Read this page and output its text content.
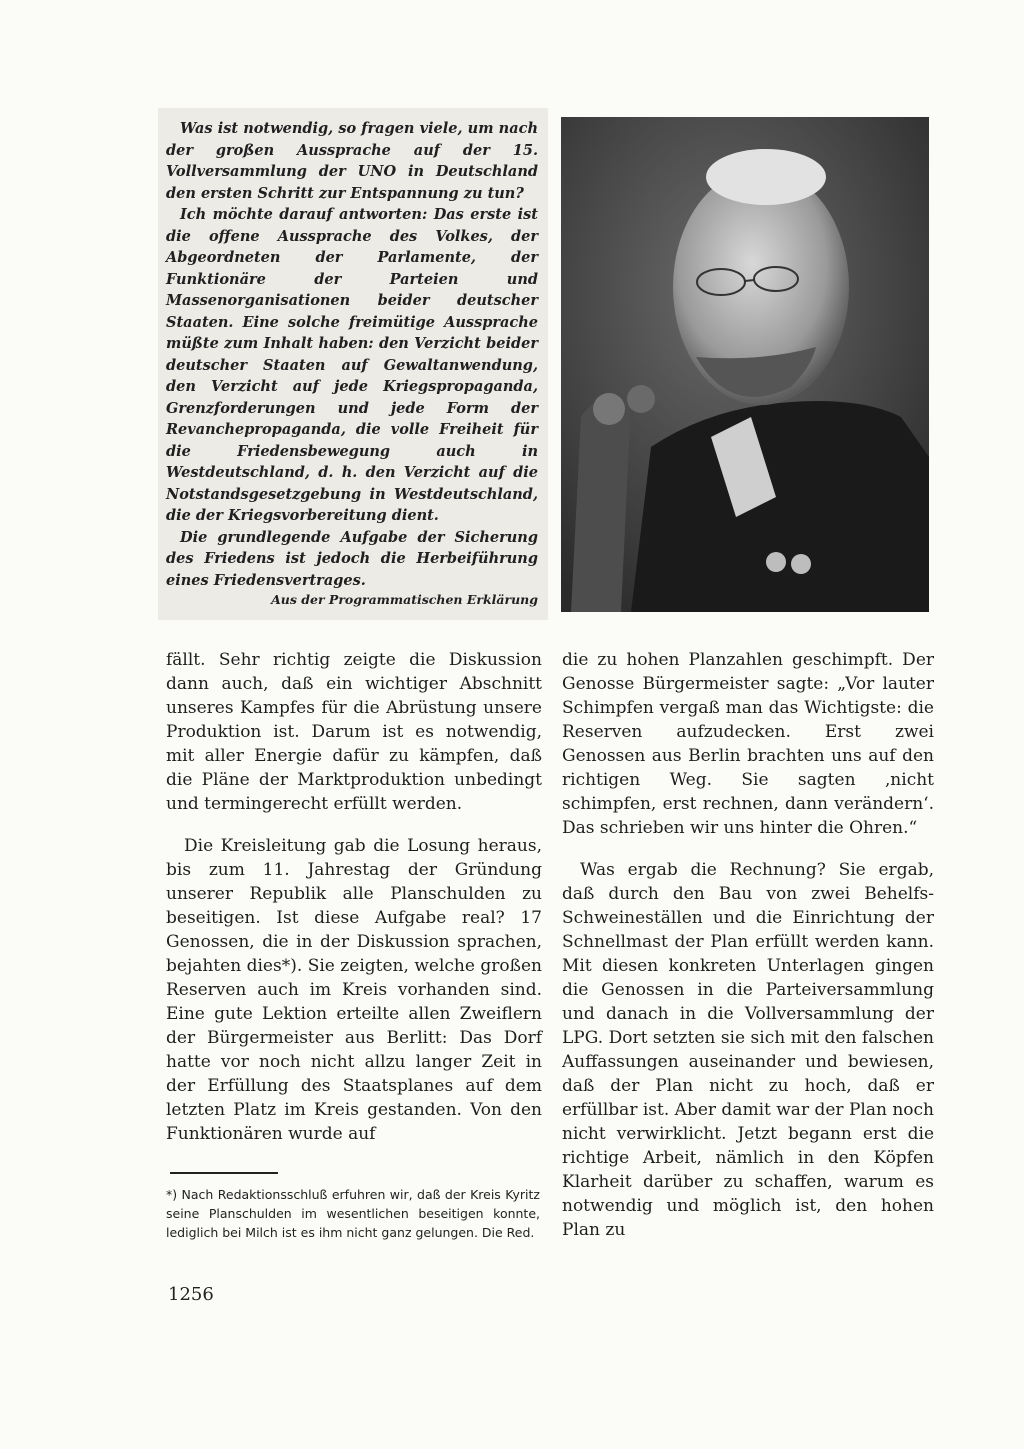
Was ist notwendig, so fragen viele, um nach der großen Aussprache auf der 15. Vollversammlung der UNO in Deutschland den ersten Schritt zur Entspannung zu tun?

Ich möchte darauf antworten: Das erste ist die offene Aussprache des Volkes, der Abgeordneten der Parlamente, der Funktionäre der Parteien und Massenorganisationen beider deutscher Staaten. Eine solche freimütige Aussprache müßte zum Inhalt haben: den Verzicht beider deutscher Staaten auf Gewaltanwendung, den Verzicht auf jede Kriegspropaganda, Grenzforderungen und jede Form der Revanchepropaganda, die volle Freiheit für die Friedensbewegung auch in Westdeutschland, d. h. den Verzicht auf die Notstandsgesetzgebung in Westdeutschland, die der Kriegsvorbereitung dient.

Die grundlegende Aufgabe der Sicherung des Friedens ist jedoch die Herbeiführung eines Friedensvertrages.

Aus der Programmatischen Erklärung

fällt. Sehr richtig zeigte die Diskussion dann auch, daß ein wichtiger Abschnitt unseres Kampfes für die Abrüstung unsere Produktion ist. Darum ist es notwendig, mit aller Energie dafür zu kämpfen, daß die Pläne der Marktproduktion unbedingt und termingerecht erfüllt werden.

Die Kreisleitung gab die Losung heraus, bis zum 11. Jahrestag der Gründung unserer Republik alle Planschulden zu beseitigen. Ist diese Aufgabe real? 17 Genossen, die in der Diskussion sprachen, bejahten dies*). Sie zeigten, welche großen Reserven auch im Kreis vorhanden sind. Eine gute Lektion erteilte allen Zweiflern der Bürgermeister aus Berlitt: Das Dorf hatte vor noch nicht allzu langer Zeit in der Erfüllung des Staatsplanes auf dem letzten Platz im Kreis gestanden. Von den Funktionären wurde auf

die zu hohen Planzahlen geschimpft. Der Genosse Bürgermeister sagte: „Vor lauter Schimpfen vergaß man das Wichtigste: die Reserven aufzudecken. Erst zwei Genossen aus Berlin brachten uns auf den richtigen Weg. Sie sagten ‚nicht schimpfen, erst rechnen, dann verändern‘. Das schrieben wir uns hinter die Ohren.“

Was ergab die Rechnung? Sie ergab, daß durch den Bau von zwei Behelfs-Schweineställen und die Einrichtung der Schnellmast der Plan erfüllt werden kann. Mit diesen konkreten Unterlagen gingen die Genossen in die Parteiversammlung und danach in die Vollversammlung der LPG. Dort setzten sie sich mit den falschen Auffassungen auseinander und bewiesen, daß der Plan nicht zu hoch, daß er erfüllbar ist. Aber damit war der Plan noch nicht verwirklicht. Jetzt begann erst die richtige Arbeit, nämlich in den Köpfen Klarheit darüber zu schaffen, warum es notwendig und möglich ist, den hohen Plan zu

*) Nach Redaktionsschluß erfuhren wir, daß der Kreis Kyritz seine Planschulden im wesentlichen beseitigen konnte, lediglich bei Milch ist es ihm nicht ganz gelungen. Die Red.
1256
